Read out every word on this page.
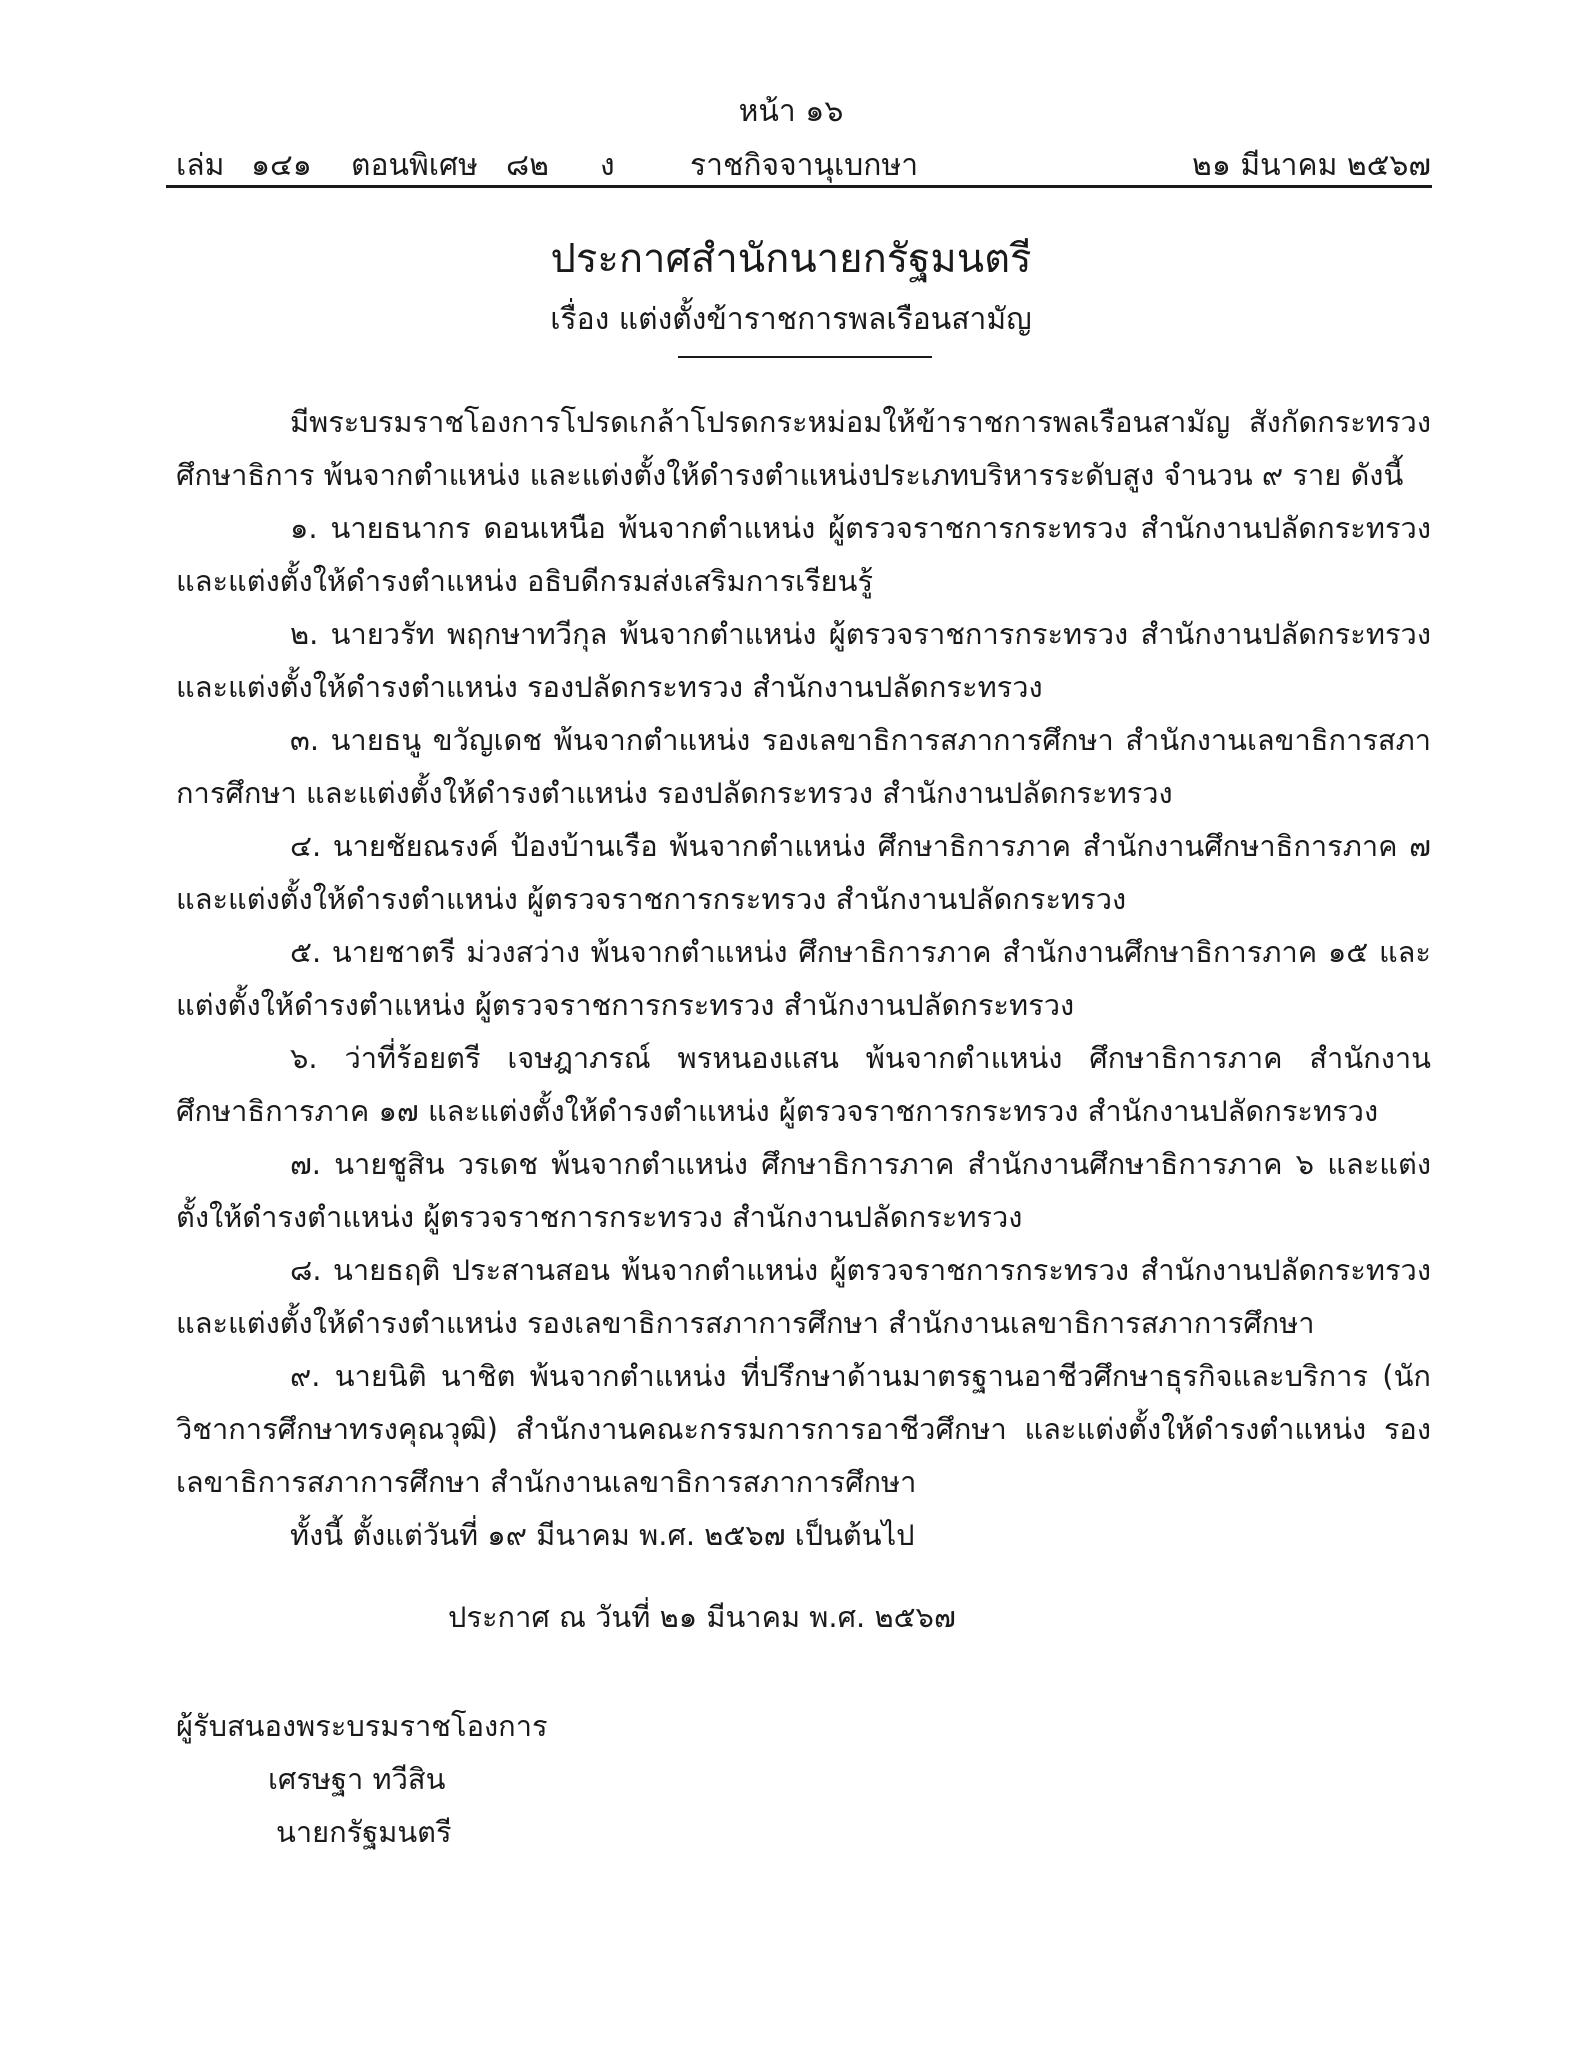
หน้า ๑๖
เล่ม ๑๔๑ ตอนพิเศษ ๘๒ ง	ราชกิจจานุเบกษา	๒๑ มีนาคม ๒๕๖๗
ประกาศสำนักนายกรัฐมนตรี
เรื่อง แต่งตั้งข้าราชการพลเรือนสามัญ

มีพระบรมราชโองการโปรดเกล้าโปรดกระหม่อมให้ข้าราชการพลเรือนสามัญ สังกัดกระทรวงศึกษาธิการ พ้นจากตำแหน่ง และแต่งตั้งให้ดำรงตำแหน่งประเภทบริหารระดับสูง จำนวน ๙ ราย ดังนี้

๑. นายธนากร ดอนเหนือ พ้นจากตำแหน่ง ผู้ตรวจราชการกระทรวง สำนักงานปลัดกระทรวง และแต่งตั้งให้ดำรงตำแหน่ง อธิบดีกรมส่งเสริมการเรียนรู้

๒. นายวรัท พฤกษาทวีกุล พ้นจากตำแหน่ง ผู้ตรวจราชการกระทรวง สำนักงานปลัดกระทรวง และแต่งตั้งให้ดำรงตำแหน่ง รองปลัดกระทรวง สำนักงานปลัดกระทรวง

๓. นายธนู ขวัญเดช พ้นจากตำแหน่ง รองเลขาธิการสภาการศึกษา สำนักงานเลขาธิการสภาการศึกษา และแต่งตั้งให้ดำรงตำแหน่ง รองปลัดกระทรวง สำนักงานปลัดกระทรวง

๔. นายชัยณรงค์ ป้องบ้านเรือ พ้นจากตำแหน่ง ศึกษาธิการภาค สำนักงานศึกษาธิการภาค ๗ และแต่งตั้งให้ดำรงตำแหน่ง ผู้ตรวจราชการกระทรวง สำนักงานปลัดกระทรวง

๕. นายชาตรี ม่วงสว่าง พ้นจากตำแหน่ง ศึกษาธิการภาค สำนักงานศึกษาธิการภาค ๑๕ และแต่งตั้งให้ดำรงตำแหน่ง ผู้ตรวจราชการกระทรวง สำนักงานปลัดกระทรวง

๖. ว่าที่ร้อยตรี เจษฎาภรณ์ พรหนองแสน พ้นจากตำแหน่ง ศึกษาธิการภาค สำนักงานศึกษาธิการภาค ๑๗ และแต่งตั้งให้ดำรงตำแหน่ง ผู้ตรวจราชการกระทรวง สำนักงานปลัดกระทรวง

๗. นายชูสิน วรเดช พ้นจากตำแหน่ง ศึกษาธิการภาค สำนักงานศึกษาธิการภาค ๖ และแต่งตั้งให้ดำรงตำแหน่ง ผู้ตรวจราชการกระทรวง สำนักงานปลัดกระทรวง

๘. นายธฤติ ประสานสอน พ้นจากตำแหน่ง ผู้ตรวจราชการกระทรวง สำนักงานปลัดกระทรวง และแต่งตั้งให้ดำรงตำแหน่ง รองเลขาธิการสภาการศึกษา สำนักงานเลขาธิการสภาการศึกษา

๙. นายนิติ นาชิต พ้นจากตำแหน่ง ที่ปรึกษาด้านมาตรฐานอาชีวศึกษาธุรกิจและบริการ (นักวิชาการศึกษาทรงคุณวุฒิ) สำนักงานคณะกรรมการการอาชีวศึกษา และแต่งตั้งให้ดำรงตำแหน่ง รองเลขาธิการสภาการศึกษา สำนักงานเลขาธิการสภาการศึกษา

ทั้งนี้ ตั้งแต่วันที่ ๑๙ มีนาคม พ.ศ. ๒๕๖๗ เป็นต้นไป

ประกาศ ณ วันที่ ๒๑ มีนาคม พ.ศ. ๒๕๖๗
ผู้รับสนองพระบรมราชโองการ
เศรษฐา ทวีสิน
นายกรัฐมนตรี
